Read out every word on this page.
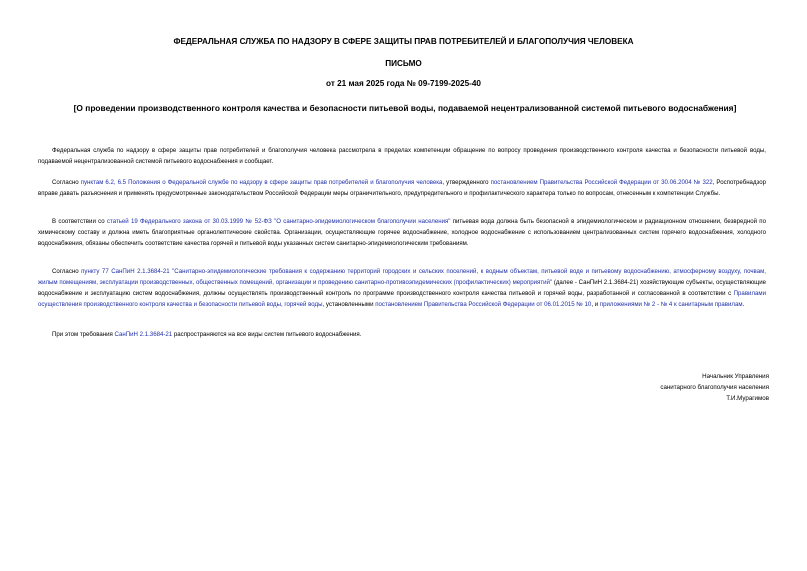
ФЕДЕРАЛЬНАЯ СЛУЖБА ПО НАДЗОРУ В СФЕРЕ ЗАЩИТЫ ПРАВ ПОТРЕБИТЕЛЕЙ И БЛАГОПОЛУЧИЯ ЧЕЛОВЕКА
ПИСЬМО
от 21 мая 2025 года № 09-7199-2025-40
[О проведении производственного контроля качества и безопасности питьевой воды, подаваемой нецентрализованной системой питьевого водоснабжения]

Федеральная служба по надзору в сфере защиты прав потребителей и благополучия человека рассмотрела в пределах компетенции обращение по вопросу проведения производственного контроля качества и безопасности питьевой воды, подаваемой нецентрализованной системой питьевого водоснабжения и сообщает.

Согласно пунктам 6.2, 6.5 Положения о Федеральной службе по надзору в сфере защиты прав потребителей и благополучия человека, утвержденного постановлением Правительства Российской Федерации от 30.06.2004 № 322, Роспотребнадзор вправе давать разъяснения и применять предусмотренные законодательством Российской Федерации меры ограничительного, предупредительного и профилактического характера только по вопросам, отнесенным к компетенции Службы.

В соответствии со статьей 19 Федерального закона от 30.03.1999 № 52-ФЗ "О санитарно-эпидемиологическом благополучии населения" питьевая вода должна быть безопасной в эпидемиологическом и радиационном отношении, безвредной по химическому составу и должна иметь благоприятные органолептические свойства. Организации, осуществляющие горячее водоснабжение, холодное водоснабжение с использованием централизованных систем горячего водоснабжения, холодного водоснабжения, обязаны обеспечить соответствие качества горячей и питьевой воды указанных систем санитарно-эпидемиологическим требованиям.

Согласно пункту 77 СанПиН 2.1.3684-21 "Санитарно-эпидемиологические требования к содержанию территорий городских и сельских поселений, к водным объектам, питьевой воде и питьевому водоснабжению, атмосферному воздуху, почвам, жилым помещениям, эксплуатации производственных, общественных помещений, организации и проведению санитарно-противоэпидемических (профилактических) мероприятий" (далее - СанПиН 2.1.3684-21) хозяйствующие субъекты, осуществляющие водоснабжение и эксплуатацию систем водоснабжения, должны осуществлять производственный контроль по программе производственного контроля качества питьевой и горячей воды, разработанной и согласованной в соответствии с Правилами осуществления производственного контроля качества и безопасности питьевой воды, горячей воды, установленными постановлением Правительства Российской Федерации от 06.01.2015 № 10, и приложениями № 2 - № 4 к санитарным правилам.

При этом требования СанПиН 2.1.3684-21 распространяются на все виды систем питьевого водоснабжения.

Начальник Управления
санитарного благополучия населения
Т.И.Мурагимов
